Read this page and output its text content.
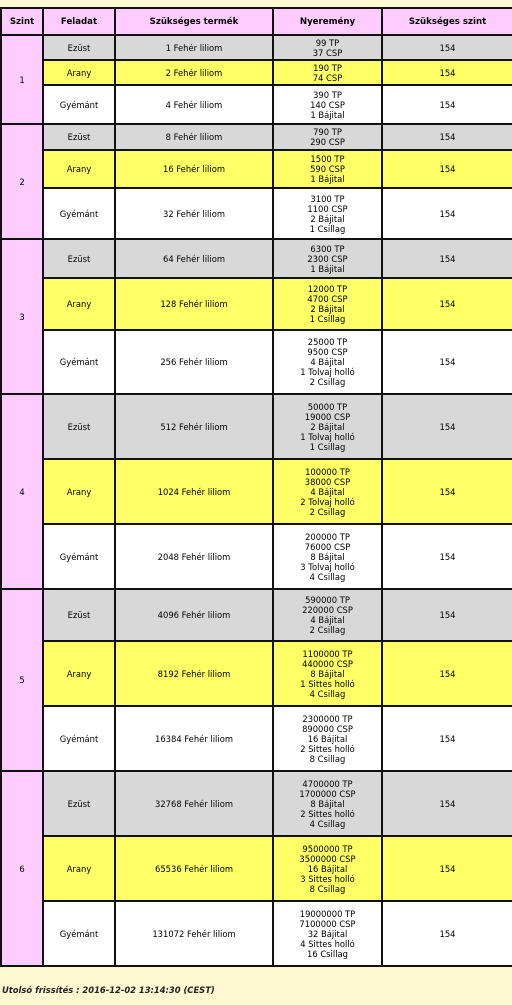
Szint	Feladat	Szükséges termék	Nyeremény	Szükséges szint
1	Ezüst	1 Fehér liliom	99 TP
37 CSP	154
	Arany	2 Fehér liliom	190 TP
74 CSP	154
	Gyémánt	4 Fehér liliom	390 TP
140 CSP
1 Bájital	154
2	Ezüst	8 Fehér liliom	790 TP
290 CSP	154
	Arany	16 Fehér liliom	1500 TP
590 CSP
1 Bájital	154
	Gyémánt	32 Fehér liliom	3100 TP
1100 CSP
2 Bájital
1 Csillag	154
3	Ezüst	64 Fehér liliom	6300 TP
2300 CSP
1 Bájital	154
	Arany	128 Fehér liliom	12000 TP
4700 CSP
2 Bájital
1 Csillag	154
	Gyémánt	256 Fehér liliom	25000 TP
9500 CSP
4 Bájital
1 Tolvaj holló
2 Csillag	154
4	Ezüst	512 Fehér liliom	50000 TP
19000 CSP
2 Bájital
1 Tolvaj holló
1 Csillag	154
	Arany	1024 Fehér liliom	100000 TP
38000 CSP
4 Bájital
2 Tolvaj holló
2 Csillag	154
	Gyémánt	2048 Fehér liliom	200000 TP
76000 CSP
8 Bájital
3 Tolvaj holló
4 Csillag	154
5	Ezüst	4096 Fehér liliom	590000 TP
220000 CSP
4 Bájital
2 Csillag	154
	Arany	8192 Fehér liliom	1100000 TP
440000 CSP
8 Bájital
1 Sittes holló
4 Csillag	154
	Gyémánt	16384 Fehér liliom	2300000 TP
890000 CSP
16 Bájital
2 Sittes holló
8 Csillag	154
6	Ezüst	32768 Fehér liliom	4700000 TP
1700000 CSP
8 Bájital
2 Sittes holló
4 Csillag	154
	Arany	65536 Fehér liliom	9500000 TP
3500000 CSP
16 Bájital
3 Sittes holló
8 Csillag	154
	Gyémánt	131072 Fehér liliom	19000000 TP
7100000 CSP
32 Bájital
4 Sittes holló
16 Csillag	154
Utolsó frissítés : 2016-12-02 13:14:30 (CEST)
